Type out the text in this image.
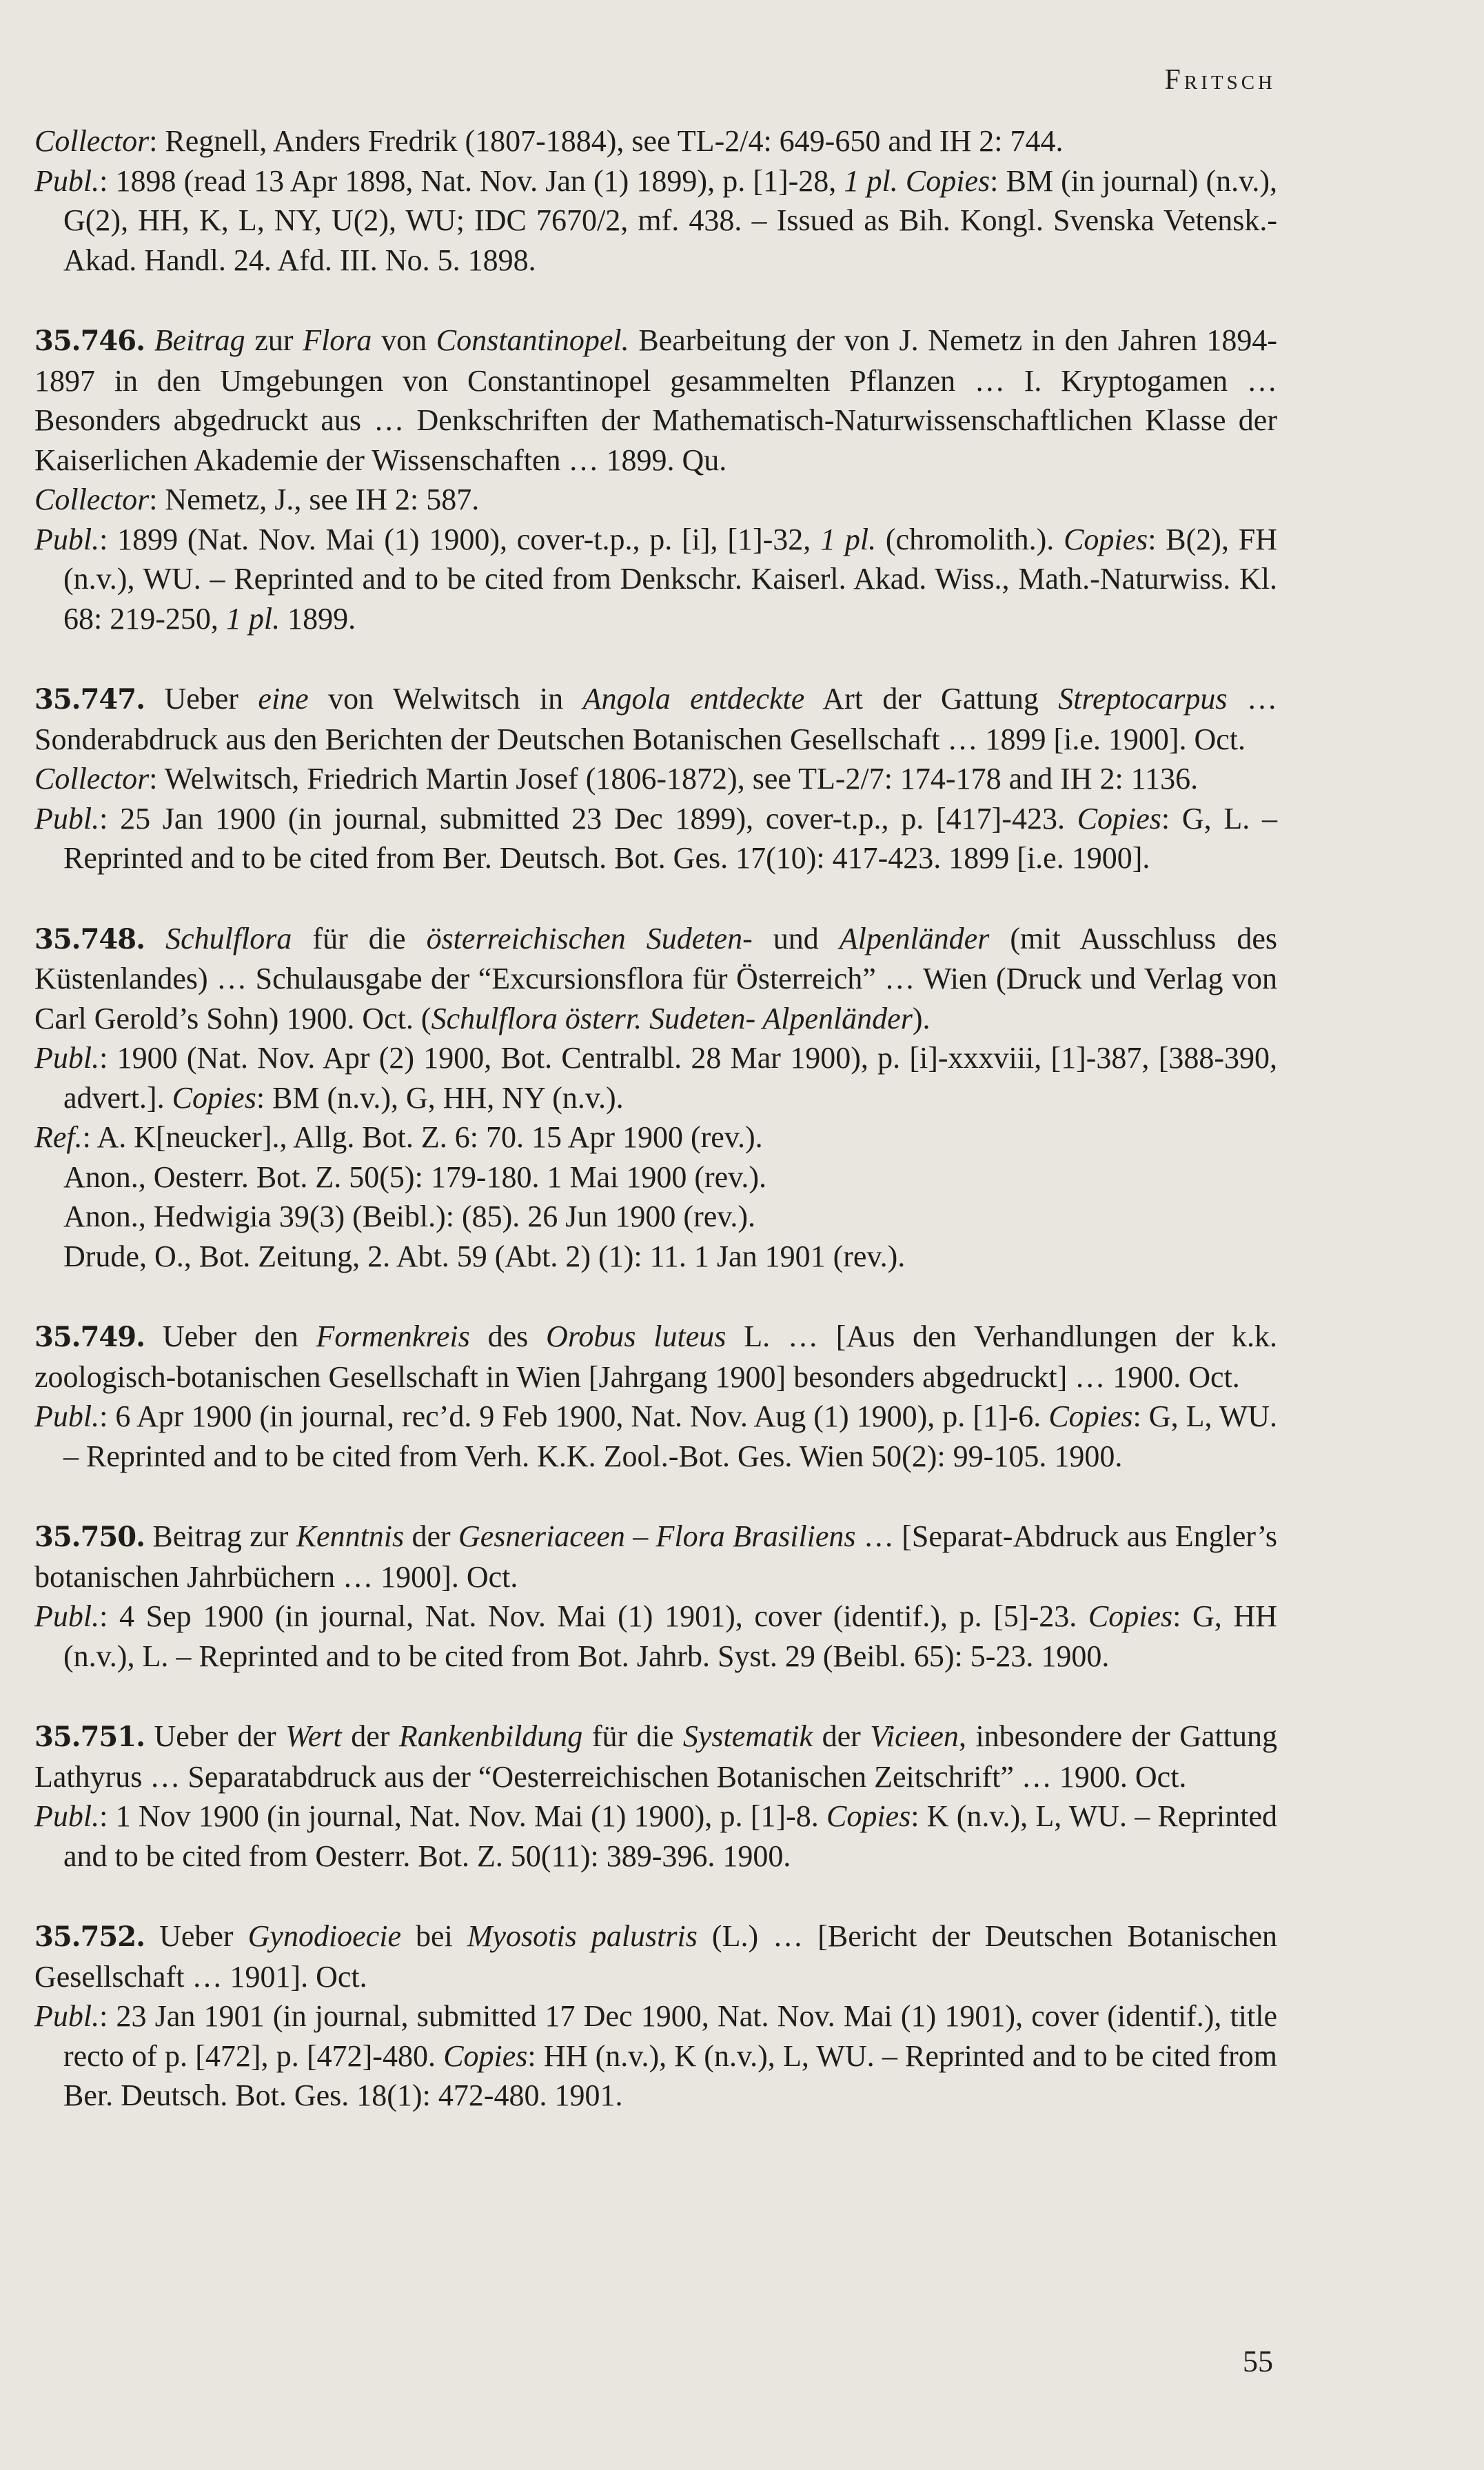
Fritsch
Collector: Regnell, Anders Fredrik (1807-1884), see TL-2/4: 649-650 and IH 2: 744.
Publ.: 1898 (read 13 Apr 1898, Nat. Nov. Jan (1) 1899), p. [1]-28, 1 pl. Copies: BM (in journal) (n.v.), G(2), HH, K, L, NY, U(2), WU; IDC 7670/2, mf. 438. – Issued as Bih. Kongl. Svenska Vetensk.-Akad. Handl. 24. Afd. III. No. 5. 1898.
35.746. Beitrag zur Flora von Constantinopel. Bearbeitung der von J. Nemetz in den Jahren 1894-1897 in den Umgebungen von Constantinopel gesammelten Pflanzen … I. Kryptogamen … Besonders abgedruckt aus … Denkschriften der Mathematisch-Naturwissenschaftlichen Klasse der Kaiserlichen Akademie der Wissenschaften … 1899. Qu.
Collector: Nemetz, J., see IH 2: 587.
Publ.: 1899 (Nat. Nov. Mai (1) 1900), cover-t.p., p. [i], [1]-32, 1 pl. (chromolith.). Copies: B(2), FH (n.v.), WU. – Reprinted and to be cited from Denkschr. Kaiserl. Akad. Wiss., Math.-Naturwiss. Kl. 68: 219-250, 1 pl. 1899.
35.747. Ueber eine von Welwitsch in Angola entdeckte Art der Gattung Streptocarpus … Sonderabdruck aus den Berichten der Deutschen Botanischen Gesellschaft … 1899 [i.e. 1900]. Oct.
Collector: Welwitsch, Friedrich Martin Josef (1806-1872), see TL-2/7: 174-178 and IH 2: 1136.
Publ.: 25 Jan 1900 (in journal, submitted 23 Dec 1899), cover-t.p., p. [417]-423. Copies: G, L. – Reprinted and to be cited from Ber. Deutsch. Bot. Ges. 17(10): 417-423. 1899 [i.e. 1900].
35.748. Schulflora für die österreichischen Sudeten- und Alpenländer (mit Ausschluss des Küstenlandes) … Schulausgabe der “Excursionsflora für Österreich” … Wien (Druck und Verlag von Carl Gerold’s Sohn) 1900. Oct. (Schulflora österr. Sudeten- Alpenländer).
Publ.: 1900 (Nat. Nov. Apr (2) 1900, Bot. Centralbl. 28 Mar 1900), p. [i]-xxxviii, [1]-387, [388-390, advert.]. Copies: BM (n.v.), G, HH, NY (n.v.).
Ref.: A. K[neucker]., Allg. Bot. Z. 6: 70. 15 Apr 1900 (rev.).
Anon., Oesterr. Bot. Z. 50(5): 179-180. 1 Mai 1900 (rev.).
Anon., Hedwigia 39(3) (Beibl.): (85). 26 Jun 1900 (rev.).
Drude, O., Bot. Zeitung, 2. Abt. 59 (Abt. 2) (1): 11. 1 Jan 1901 (rev.).
35.749. Ueber den Formenkreis des Orobus luteus L. … [Aus den Verhandlungen der k.k. zoologisch-botanischen Gesellschaft in Wien [Jahrgang 1900] besonders abgedruckt] … 1900. Oct.
Publ.: 6 Apr 1900 (in journal, rec’d. 9 Feb 1900, Nat. Nov. Aug (1) 1900), p. [1]-6. Copies: G, L, WU. – Reprinted and to be cited from Verh. K.K. Zool.-Bot. Ges. Wien 50(2): 99-105. 1900.
35.750. Beitrag zur Kenntnis der Gesneriaceen – Flora Brasiliens … [Separat-Abdruck aus Engler’s botanischen Jahrbüchern … 1900]. Oct.
Publ.: 4 Sep 1900 (in journal, Nat. Nov. Mai (1) 1901), cover (identif.), p. [5]-23. Copies: G, HH (n.v.), L. – Reprinted and to be cited from Bot. Jahrb. Syst. 29 (Beibl. 65): 5-23. 1900.
35.751. Ueber der Wert der Rankenbildung für die Systematik der Vicieen, inbesondere der Gattung Lathyrus … Separatabdruck aus der “Oesterreichischen Botanischen Zeitschrift” … 1900. Oct.
Publ.: 1 Nov 1900 (in journal, Nat. Nov. Mai (1) 1900), p. [1]-8. Copies: K (n.v.), L, WU. – Reprinted and to be cited from Oesterr. Bot. Z. 50(11): 389-396. 1900.
35.752. Ueber Gynodioecie bei Myosotis palustris (L.) … [Bericht der Deutschen Botanischen Gesellschaft … 1901]. Oct.
Publ.: 23 Jan 1901 (in journal, submitted 17 Dec 1900, Nat. Nov. Mai (1) 1901), cover (identif.), title recto of p. [472], p. [472]-480. Copies: HH (n.v.), K (n.v.), L, WU. – Reprinted and to be cited from Ber. Deutsch. Bot. Ges. 18(1): 472-480. 1901.
55
